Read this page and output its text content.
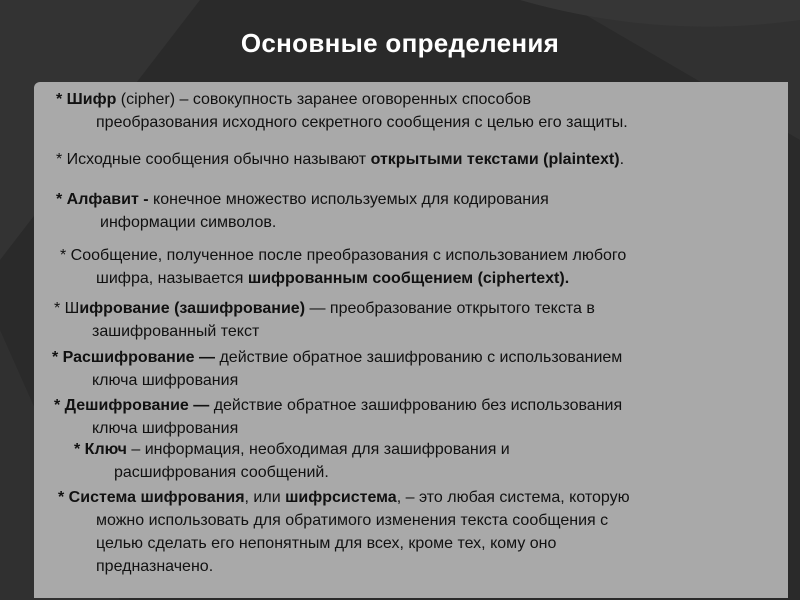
Основные определения
* Шифр (cipher) – совокупность заранее оговоренных способов
преобразования исходного секретного сообщения с целью его защиты.
* Исходные сообщения обычно называют открытыми текстами (plaintext).
* Алфавит - конечное множество используемых для кодирования
информации символов.
* Сообщение, полученное после преобразования с использованием любого
шифра, называется шифрованным сообщением (ciphertext).
* Шифрование (зашифрование) — преобразование открытого текста в
зашифрованный текст
* Расшифрование — действие обратное зашифрованию с использованием
ключа шифрования
* Дешифрование — действие обратное зашифрованию без использования
ключа шифрования
* Ключ – информация, необходимая для зашифрования и
расшифрования сообщений.
* Система шифрования, или шифрсистема, – это любая система, которую
можно использовать для обратимого изменения текста сообщения с
целью сделать его непонятным для всех, кроме тех, кому оно
предназначено.
